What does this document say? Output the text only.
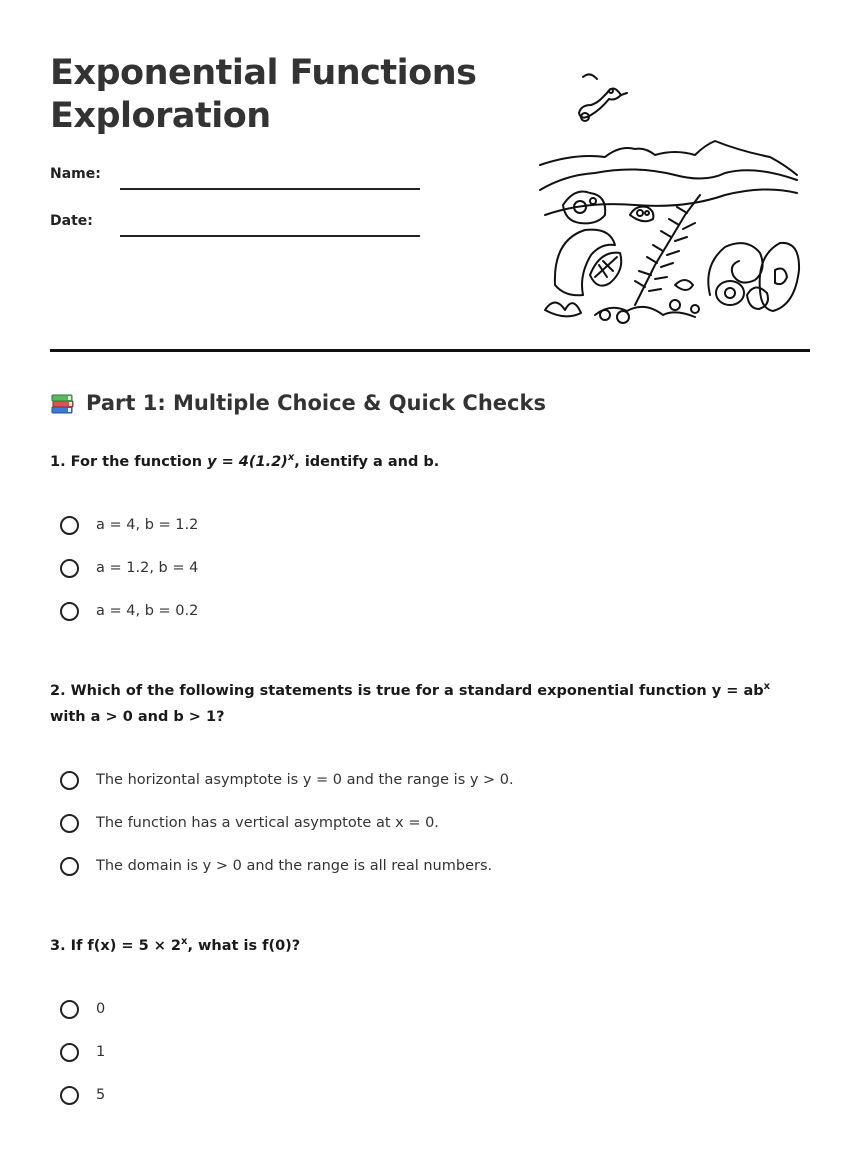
Exponential Functions
Exploration
Name:
Date:
Part 1: Multiple Choice & Quick Checks

1. For the function $y = 4(1.2)^x$, identify a and b.

a = 4, b = 1.2
a = 1.2, b = 4
a = 4, b = 0.2

2. Which of the following statements is true for a standard exponential function $y = ab^x$ with a > 0 and b > 1?

The horizontal asymptote is y = 0 and the range is y > 0.
The function has a vertical asymptote at x = 0.
The domain is y > 0 and the range is all real numbers.

3. If $f(x) = 5 \times 2^x$, what is f(0)?

0
1
5
